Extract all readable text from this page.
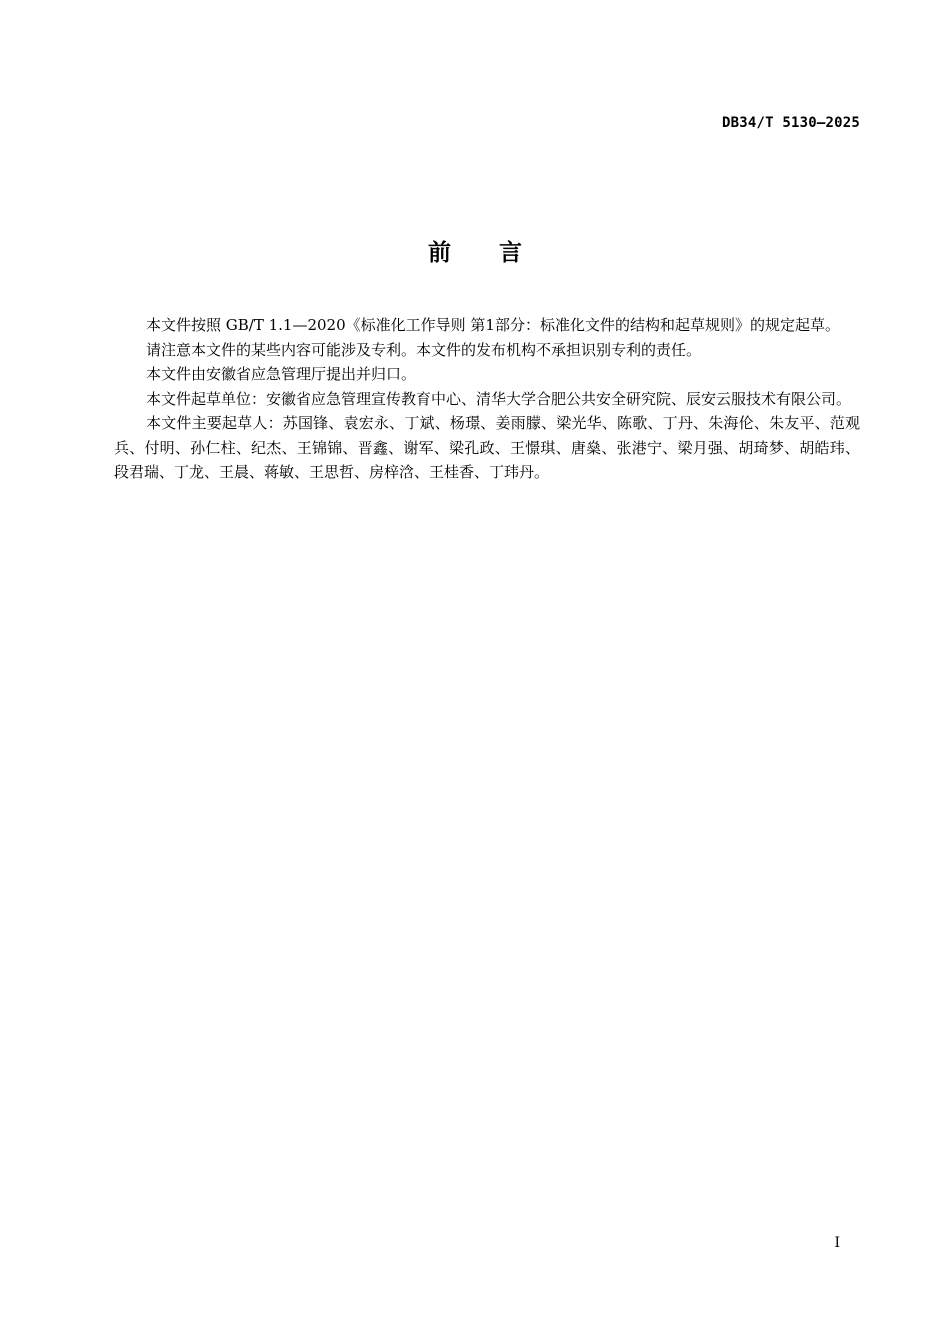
DB34/T 5130—2025
前      言

本文件按照 GB/T 1.1—2020《标准化工作导则 第1部分：标准化文件的结构和起草规则》的规定起草。

请注意本文件的某些内容可能涉及专利。本文件的发布机构不承担识别专利的责任。

本文件由安徽省应急管理厅提出并归口。

本文件起草单位：安徽省应急管理宣传教育中心、清华大学合肥公共安全研究院、辰安云服技术有限公司。

本文件主要起草人：苏国锋、袁宏永、丁斌、杨璟、姜雨朦、梁光华、陈歌、丁丹、朱海伦、朱友平、范观兵、付明、孙仁柱、纪杰、王锦锦、晋鑫、谢军、梁孔政、王憬琪、唐燊、张港宁、梁月强、胡琦梦、胡皓玮、段君瑞、丁龙、王晨、蒋敏、王思哲、房梓浛、王桂香、丁玮丹。

I
